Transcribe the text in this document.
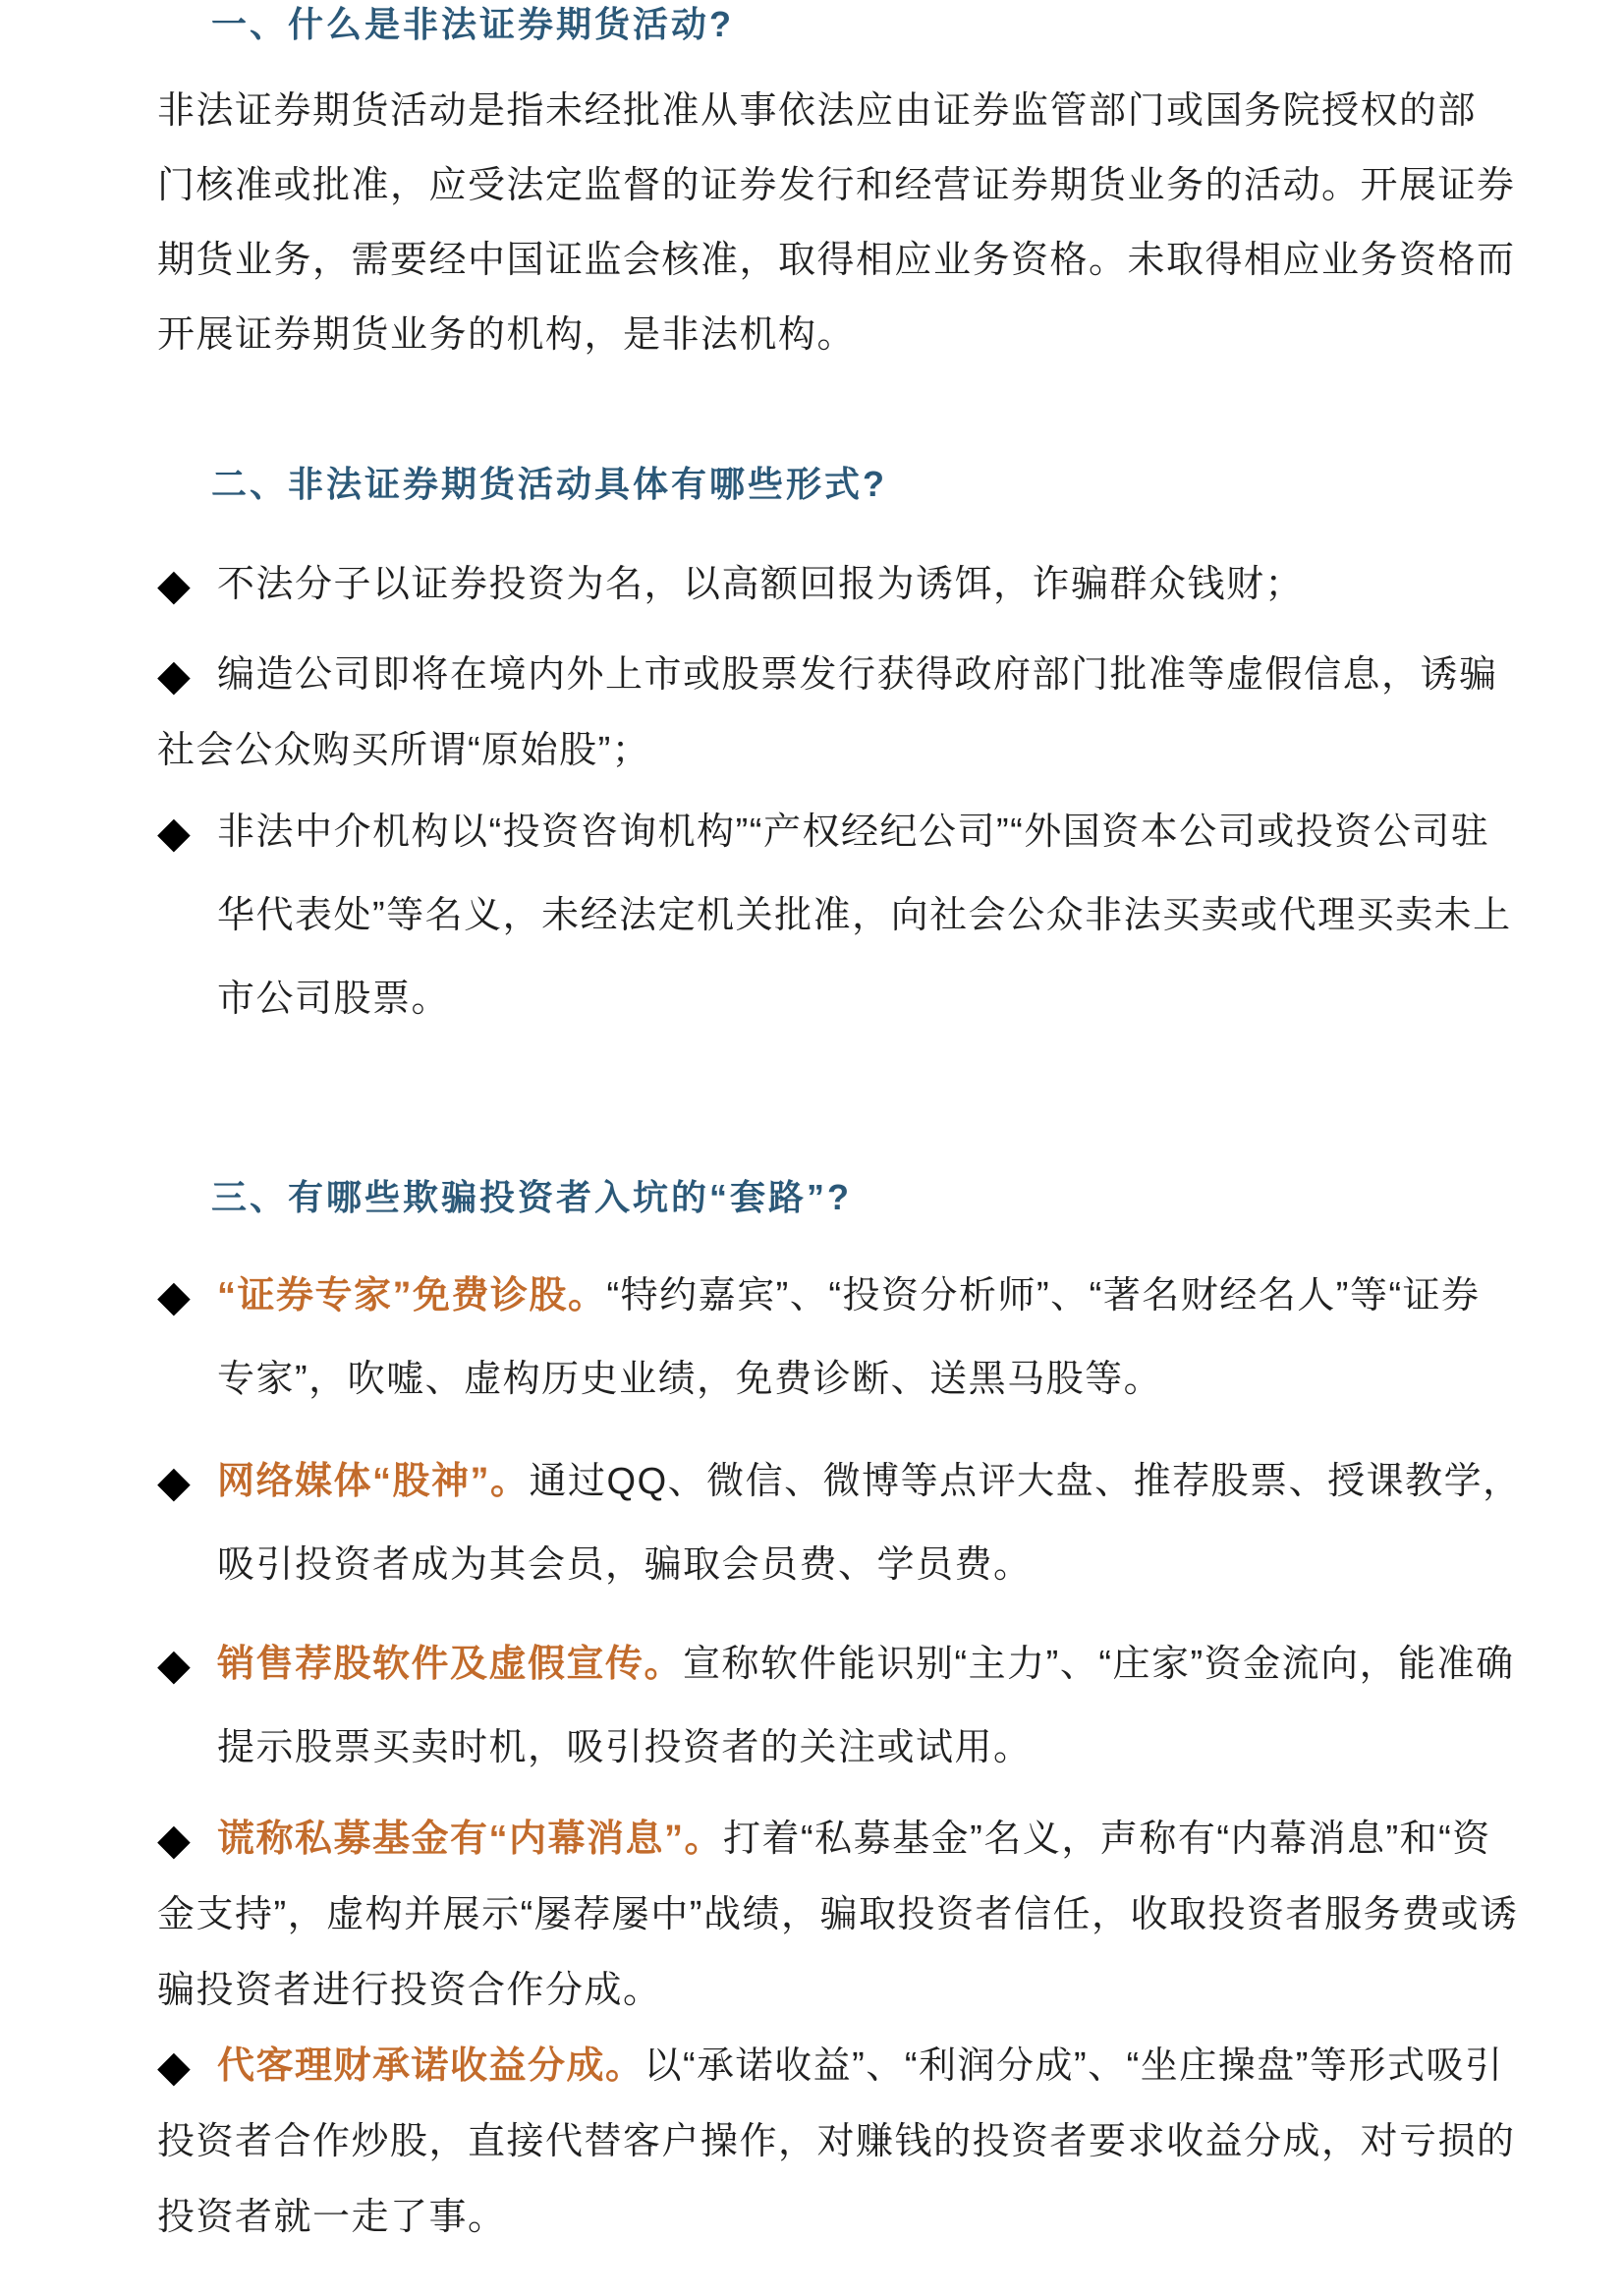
一、什么是非法证券期货活动?
非法证券期货活动是指未经批准从事依法应由证券监管部门或国务院授权的部
门核准或批准，应受法定监督的证券发行和经营证券期货业务的活动。开展证券
期货业务，需要经中国证监会核准，取得相应业务资格。未取得相应业务资格而
开展证券期货业务的机构，是非法机构。
二、非法证券期货活动具体有哪些形式?
◆ 不法分子以证券投资为名，以高额回报为诱饵，诈骗群众钱财；
◆ 编造公司即将在境内外上市或股票发行获得政府部门批准等虚假信息，诱骗
社会公众购买所谓“原始股”；
◆ 非法中介机构以“投资咨询机构”“产权经纪公司”“外国资本公司或投资公司驻
华代表处”等名义，未经法定机关批准，向社会公众非法买卖或代理买卖未上
市公司股票。
三、有哪些欺骗投资者入坑的“套路”?
◆ “证券专家”免费诊股。“特约嘉宾”、“投资分析师”、“著名财经名人”等“证券
专家”，吹嘘、虚构历史业绩，免费诊断、送黑马股等。
◆ 网络媒体“股神”。通过QQ、微信、微博等点评大盘、推荐股票、授课教学，
吸引投资者成为其会员，骗取会员费、学员费。
◆ 销售荐股软件及虚假宣传。宣称软件能识别“主力”、“庄家”资金流向，能准确
提示股票买卖时机，吸引投资者的关注或试用。
◆ 谎称私募基金有“内幕消息”。打着“私募基金”名义，声称有“内幕消息”和“资
金支持”，虚构并展示“屡荐屡中”战绩，骗取投资者信任，收取投资者服务费或诱
骗投资者进行投资合作分成。
◆ 代客理财承诺收益分成。以“承诺收益”、“利润分成”、“坐庄操盘”等形式吸引
投资者合作炒股，直接代替客户操作，对赚钱的投资者要求收益分成，对亏损的
投资者就一走了事。
